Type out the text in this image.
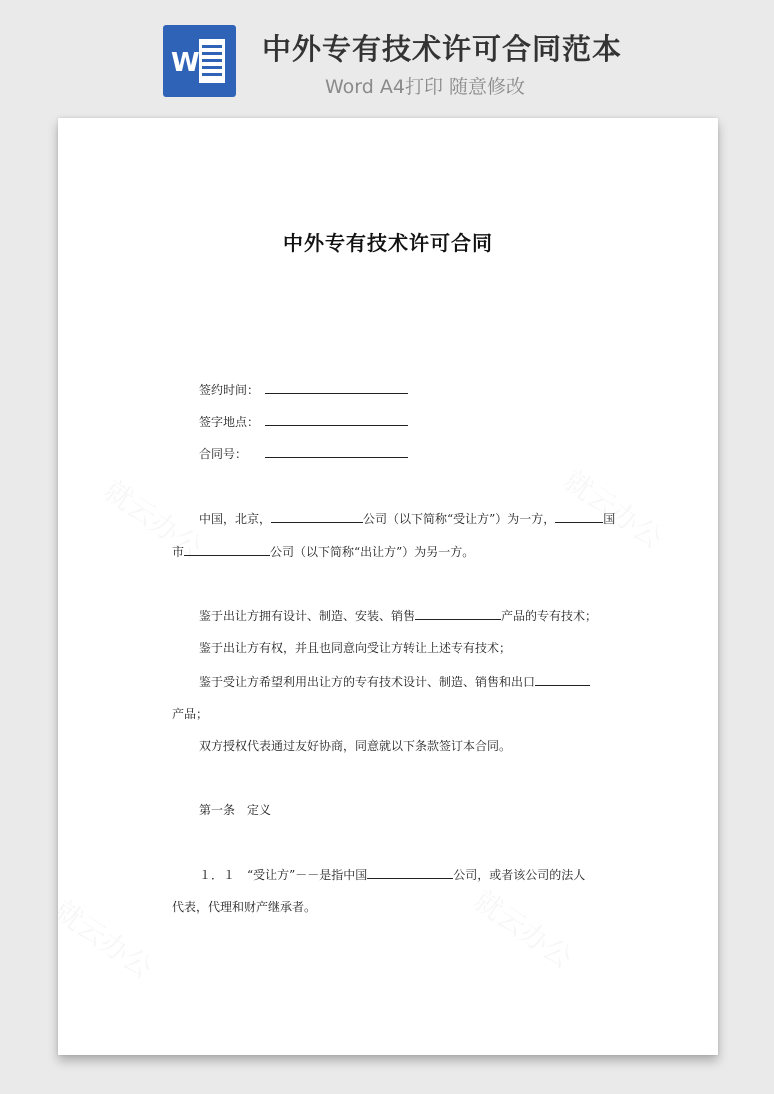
W 中外专有技术许可合同范本
Word A4打印 随意修改
中外专有技术许可合同
签约时间：
签字地点：
合同号：
中国，北京，	公司（以下简称“受让方”）为一方，	国
市	公司（以下简称“出让方”）为另一方。
鉴于出让方拥有设计、制造、安装、销售	产品的专有技术；
鉴于出让方有权，并且也同意向受让方转让上述专有技术；
鉴于受让方希望利用出让方的专有技术设计、制造、销售和出口
产品；
双方授权代表通过友好协商，同意就以下条款签订本合同。
第一条　定义
１．１ “受让方”－－是指中国	公司，或者该公司的法人
代表，代理和财产继承者。
